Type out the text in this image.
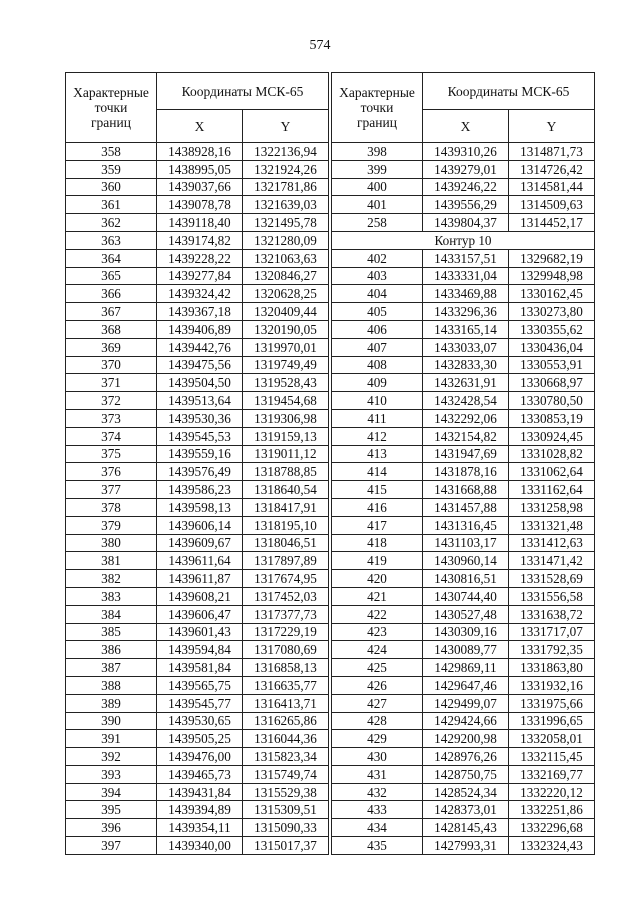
574
Характерные
точки
границ	Координаты МСК-65	
	X	Y
358	1438928,16	1322136,94
359	1438995,05	1321924,26
360	1439037,66	1321781,86
361	1439078,78	1321639,03
362	1439118,40	1321495,78
363	1439174,82	1321280,09
364	1439228,22	1321063,63
365	1439277,84	1320846,27
366	1439324,42	1320628,25
367	1439367,18	1320409,44
368	1439406,89	1320190,05
369	1439442,76	1319970,01
370	1439475,56	1319749,49
371	1439504,50	1319528,43
372	1439513,64	1319454,68
373	1439530,36	1319306,98
374	1439545,53	1319159,13
375	1439559,16	1319011,12
376	1439576,49	1318788,85
377	1439586,23	1318640,54
378	1439598,13	1318417,91
379	1439606,14	1318195,10
380	1439609,67	1318046,51
381	1439611,64	1317897,89
382	1439611,87	1317674,95
383	1439608,21	1317452,03
384	1439606,47	1317377,73
385	1439601,43	1317229,19
386	1439594,84	1317080,69
387	1439581,84	1316858,13
388	1439565,75	1316635,77
389	1439545,77	1316413,71
390	1439530,65	1316265,86
391	1439505,25	1316044,36
392	1439476,00	1315823,34
393	1439465,73	1315749,74
394	1439431,84	1315529,38
395	1439394,89	1315309,51
396	1439354,11	1315090,33
397	1439340,00	1315017,37
Характерные
точки
границ	Координаты МСК-65	
	X	Y
398	1439310,26	1314871,73
399	1439279,01	1314726,42
400	1439246,22	1314581,44
401	1439556,29	1314509,63
258	1439804,37	1314452,17
Контур 10		
402	1433157,51	1329682,19
403	1433331,04	1329948,98
404	1433469,88	1330162,45
405	1433296,36	1330273,80
406	1433165,14	1330355,62
407	1433033,07	1330436,04
408	1432833,30	1330553,91
409	1432631,91	1330668,97
410	1432428,54	1330780,50
411	1432292,06	1330853,19
412	1432154,82	1330924,45
413	1431947,69	1331028,82
414	1431878,16	1331062,64
415	1431668,88	1331162,64
416	1431457,88	1331258,98
417	1431316,45	1331321,48
418	1431103,17	1331412,63
419	1430960,14	1331471,42
420	1430816,51	1331528,69
421	1430744,40	1331556,58
422	1430527,48	1331638,72
423	1430309,16	1331717,07
424	1430089,77	1331792,35
425	1429869,11	1331863,80
426	1429647,46	1331932,16
427	1429499,07	1331975,66
428	1429424,66	1331996,65
429	1429200,98	1332058,01
430	1428976,26	1332115,45
431	1428750,75	1332169,77
432	1428524,34	1332220,12
433	1428373,01	1332251,86
434	1428145,43	1332296,68
435	1427993,31	1332324,43
